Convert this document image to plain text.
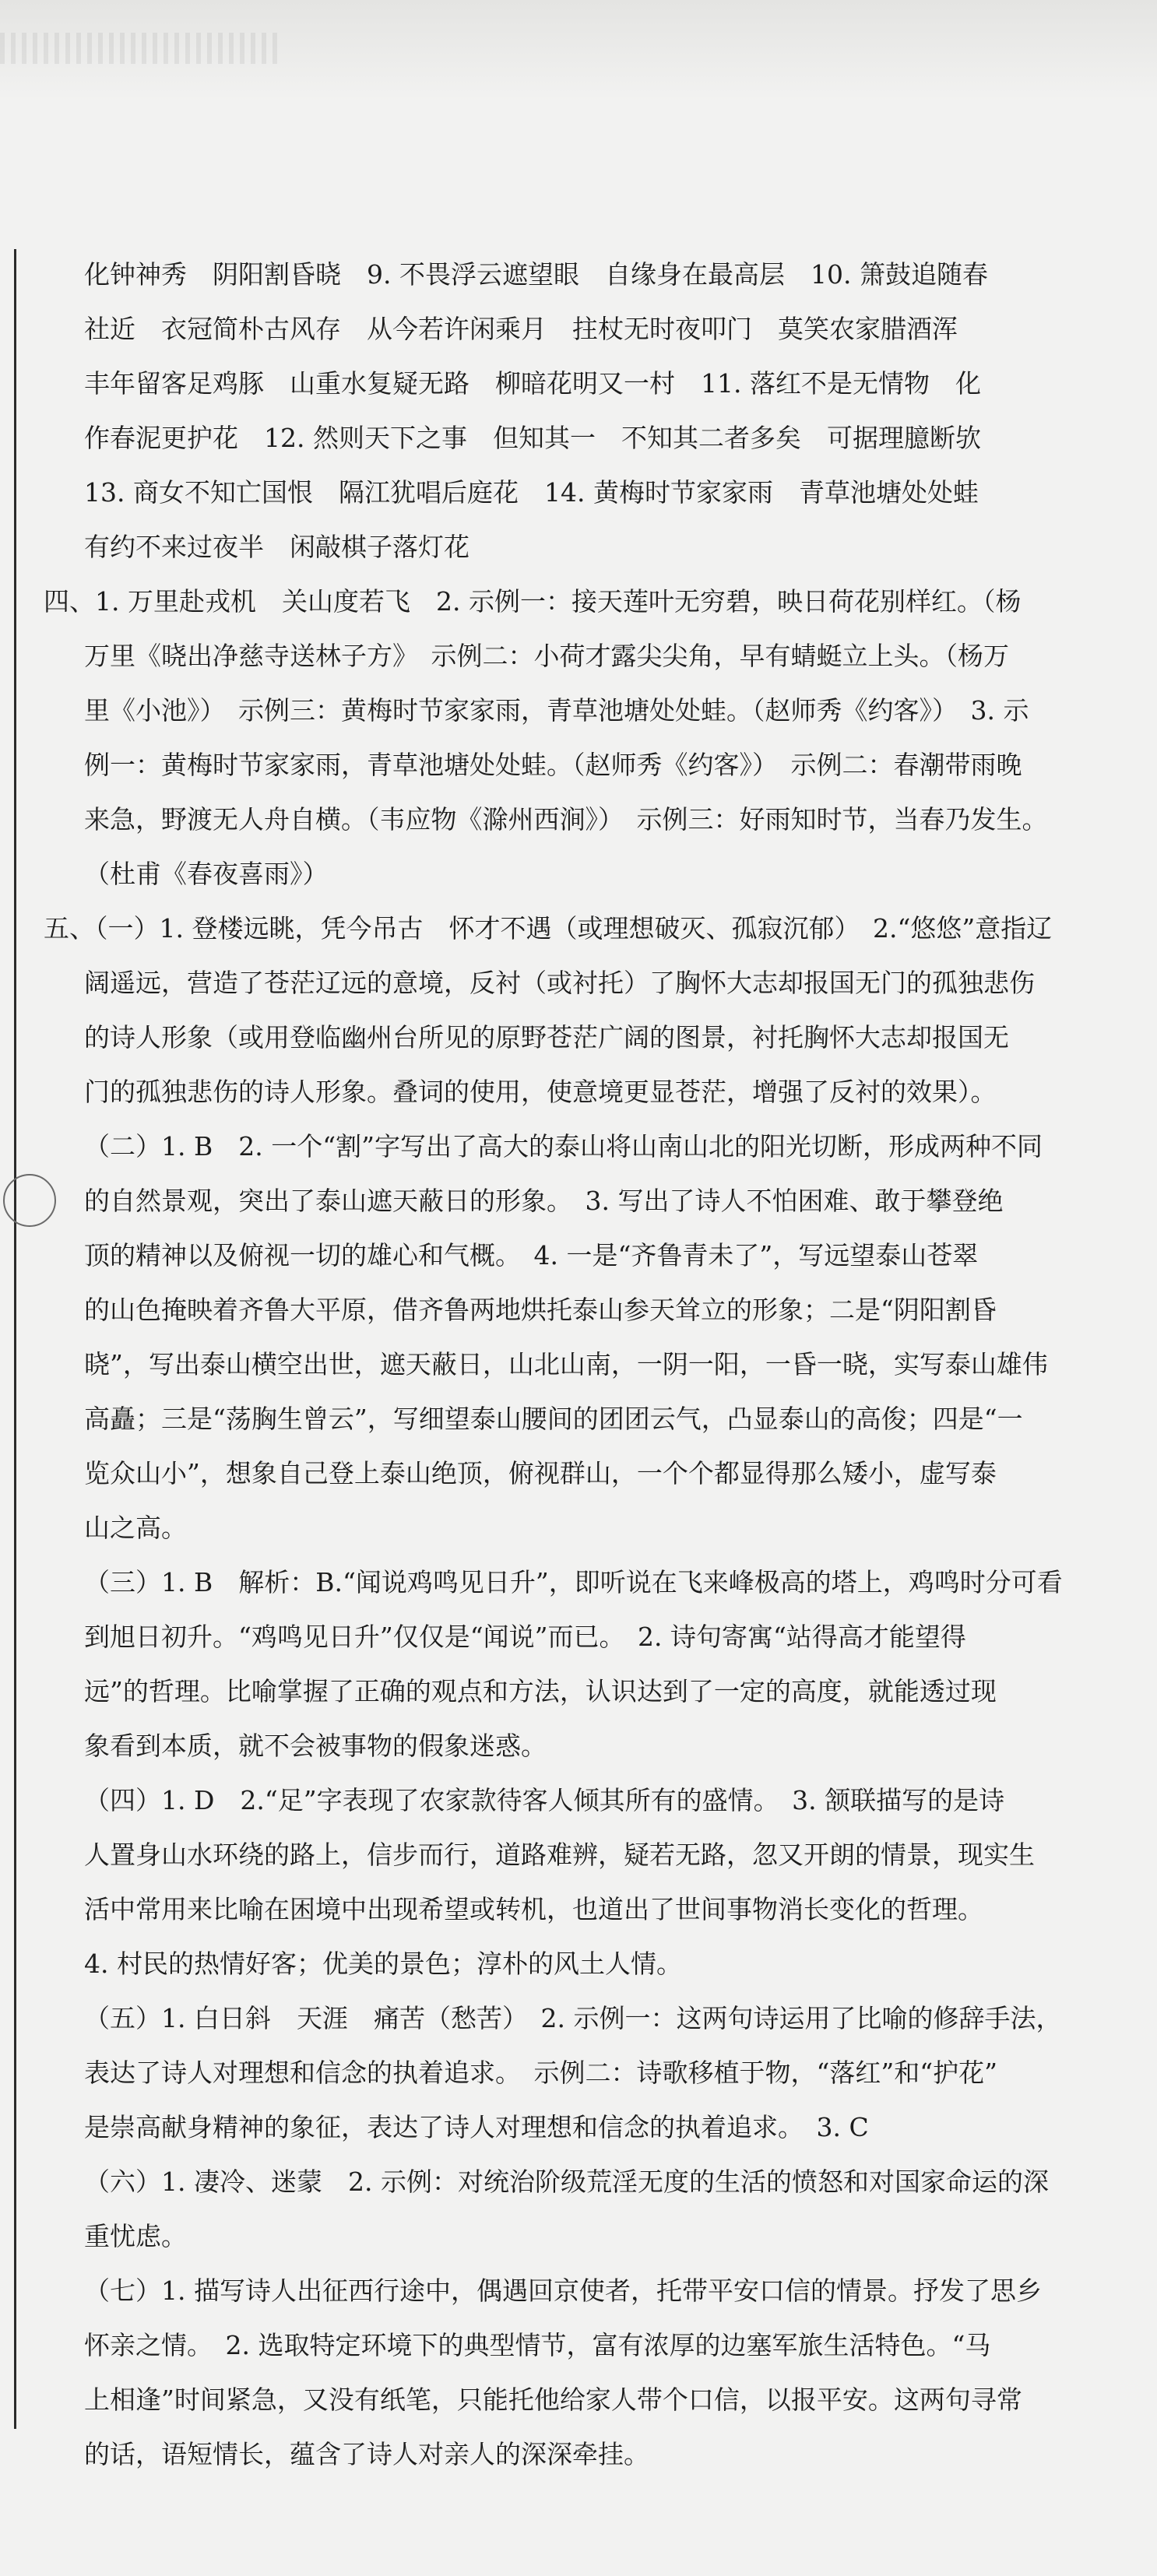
化钟神秀　阴阳割昏晓　9. 不畏浮云遮望眼　自缘身在最高层　10. 箫鼓追随春
社近　衣冠简朴古风存　从今若许闲乘月　拄杖无时夜叩门　莫笑农家腊酒浑
丰年留客足鸡豚　山重水复疑无路　柳暗花明又一村　11. 落红不是无情物　化
作春泥更护花　12. 然则天下之事　但知其一　不知其二者多矣　可据理臆断欤
13. 商女不知亡国恨　隔江犹唱后庭花　14. 黄梅时节家家雨　青草池塘处处蛙
有约不来过夜半　闲敲棋子落灯花
四、1. 万里赴戎机　关山度若飞　2. 示例一：接天莲叶无穷碧，映日荷花别样红。（杨
万里《晓出净慈寺送林子方》　示例二：小荷才露尖尖角，早有蜻蜓立上头。（杨万
里《小池》）　示例三：黄梅时节家家雨，青草池塘处处蛙。（赵师秀《约客》）　3. 示
例一：黄梅时节家家雨，青草池塘处处蛙。（赵师秀《约客》）　示例二：春潮带雨晚
来急，野渡无人舟自横。（韦应物《滁州西涧》）　示例三：好雨知时节，当春乃发生。
（杜甫《春夜喜雨》）
五、（一）1. 登楼远眺，凭今吊古　怀才不遇（或理想破灭、孤寂沉郁）　2.“悠悠”意指辽
阔遥远，营造了苍茫辽远的意境，反衬（或衬托）了胸怀大志却报国无门的孤独悲伤
的诗人形象（或用登临幽州台所见的原野苍茫广阔的图景，衬托胸怀大志却报国无
门的孤独悲伤的诗人形象。叠词的使用，使意境更显苍茫，增强了反衬的效果）。
（二）1. B　2. 一个“割”字写出了高大的泰山将山南山北的阳光切断，形成两种不同
的自然景观，突出了泰山遮天蔽日的形象。　3. 写出了诗人不怕困难、敢于攀登绝
顶的精神以及俯视一切的雄心和气概。　4. 一是“齐鲁青未了”，写远望泰山苍翠
的山色掩映着齐鲁大平原，借齐鲁两地烘托泰山参天耸立的形象；二是“阴阳割昏
晓”，写出泰山横空出世，遮天蔽日，山北山南，一阴一阳，一昏一晓，实写泰山雄伟
高矗；三是“荡胸生曾云”，写细望泰山腰间的团团云气，凸显泰山的高俊；四是“一
览众山小”，想象自己登上泰山绝顶，俯视群山，一个个都显得那么矮小，虚写泰
山之高。
（三）1. B　解析：B.“闻说鸡鸣见日升”，即听说在飞来峰极高的塔上，鸡鸣时分可看
到旭日初升。“鸡鸣见日升”仅仅是“闻说”而已。　2. 诗句寄寓“站得高才能望得
远”的哲理。比喻掌握了正确的观点和方法，认识达到了一定的高度，就能透过现
象看到本质，就不会被事物的假象迷惑。
（四）1. D　2.“足”字表现了农家款待客人倾其所有的盛情。　3. 颔联描写的是诗
人置身山水环绕的路上，信步而行，道路难辨，疑若无路，忽又开朗的情景，现实生
活中常用来比喻在困境中出现希望或转机，也道出了世间事物消长变化的哲理。
4. 村民的热情好客；优美的景色；淳朴的风土人情。
（五）1. 白日斜　天涯　痛苦（愁苦）　2. 示例一：这两句诗运用了比喻的修辞手法，
表达了诗人对理想和信念的执着追求。　示例二：诗歌移植于物，“落红”和“护花”
是崇高献身精神的象征，表达了诗人对理想和信念的执着追求。　3. C
（六）1. 凄冷、迷蒙　2. 示例：对统治阶级荒淫无度的生活的愤怒和对国家命运的深
重忧虑。
（七）1. 描写诗人出征西行途中，偶遇回京使者，托带平安口信的情景。抒发了思乡
怀亲之情。　2. 选取特定环境下的典型情节，富有浓厚的边塞军旅生活特色。“马
上相逢”时间紧急，又没有纸笔，只能托他给家人带个口信，以报平安。这两句寻常
的话，语短情长，蕴含了诗人对亲人的深深牵挂。
